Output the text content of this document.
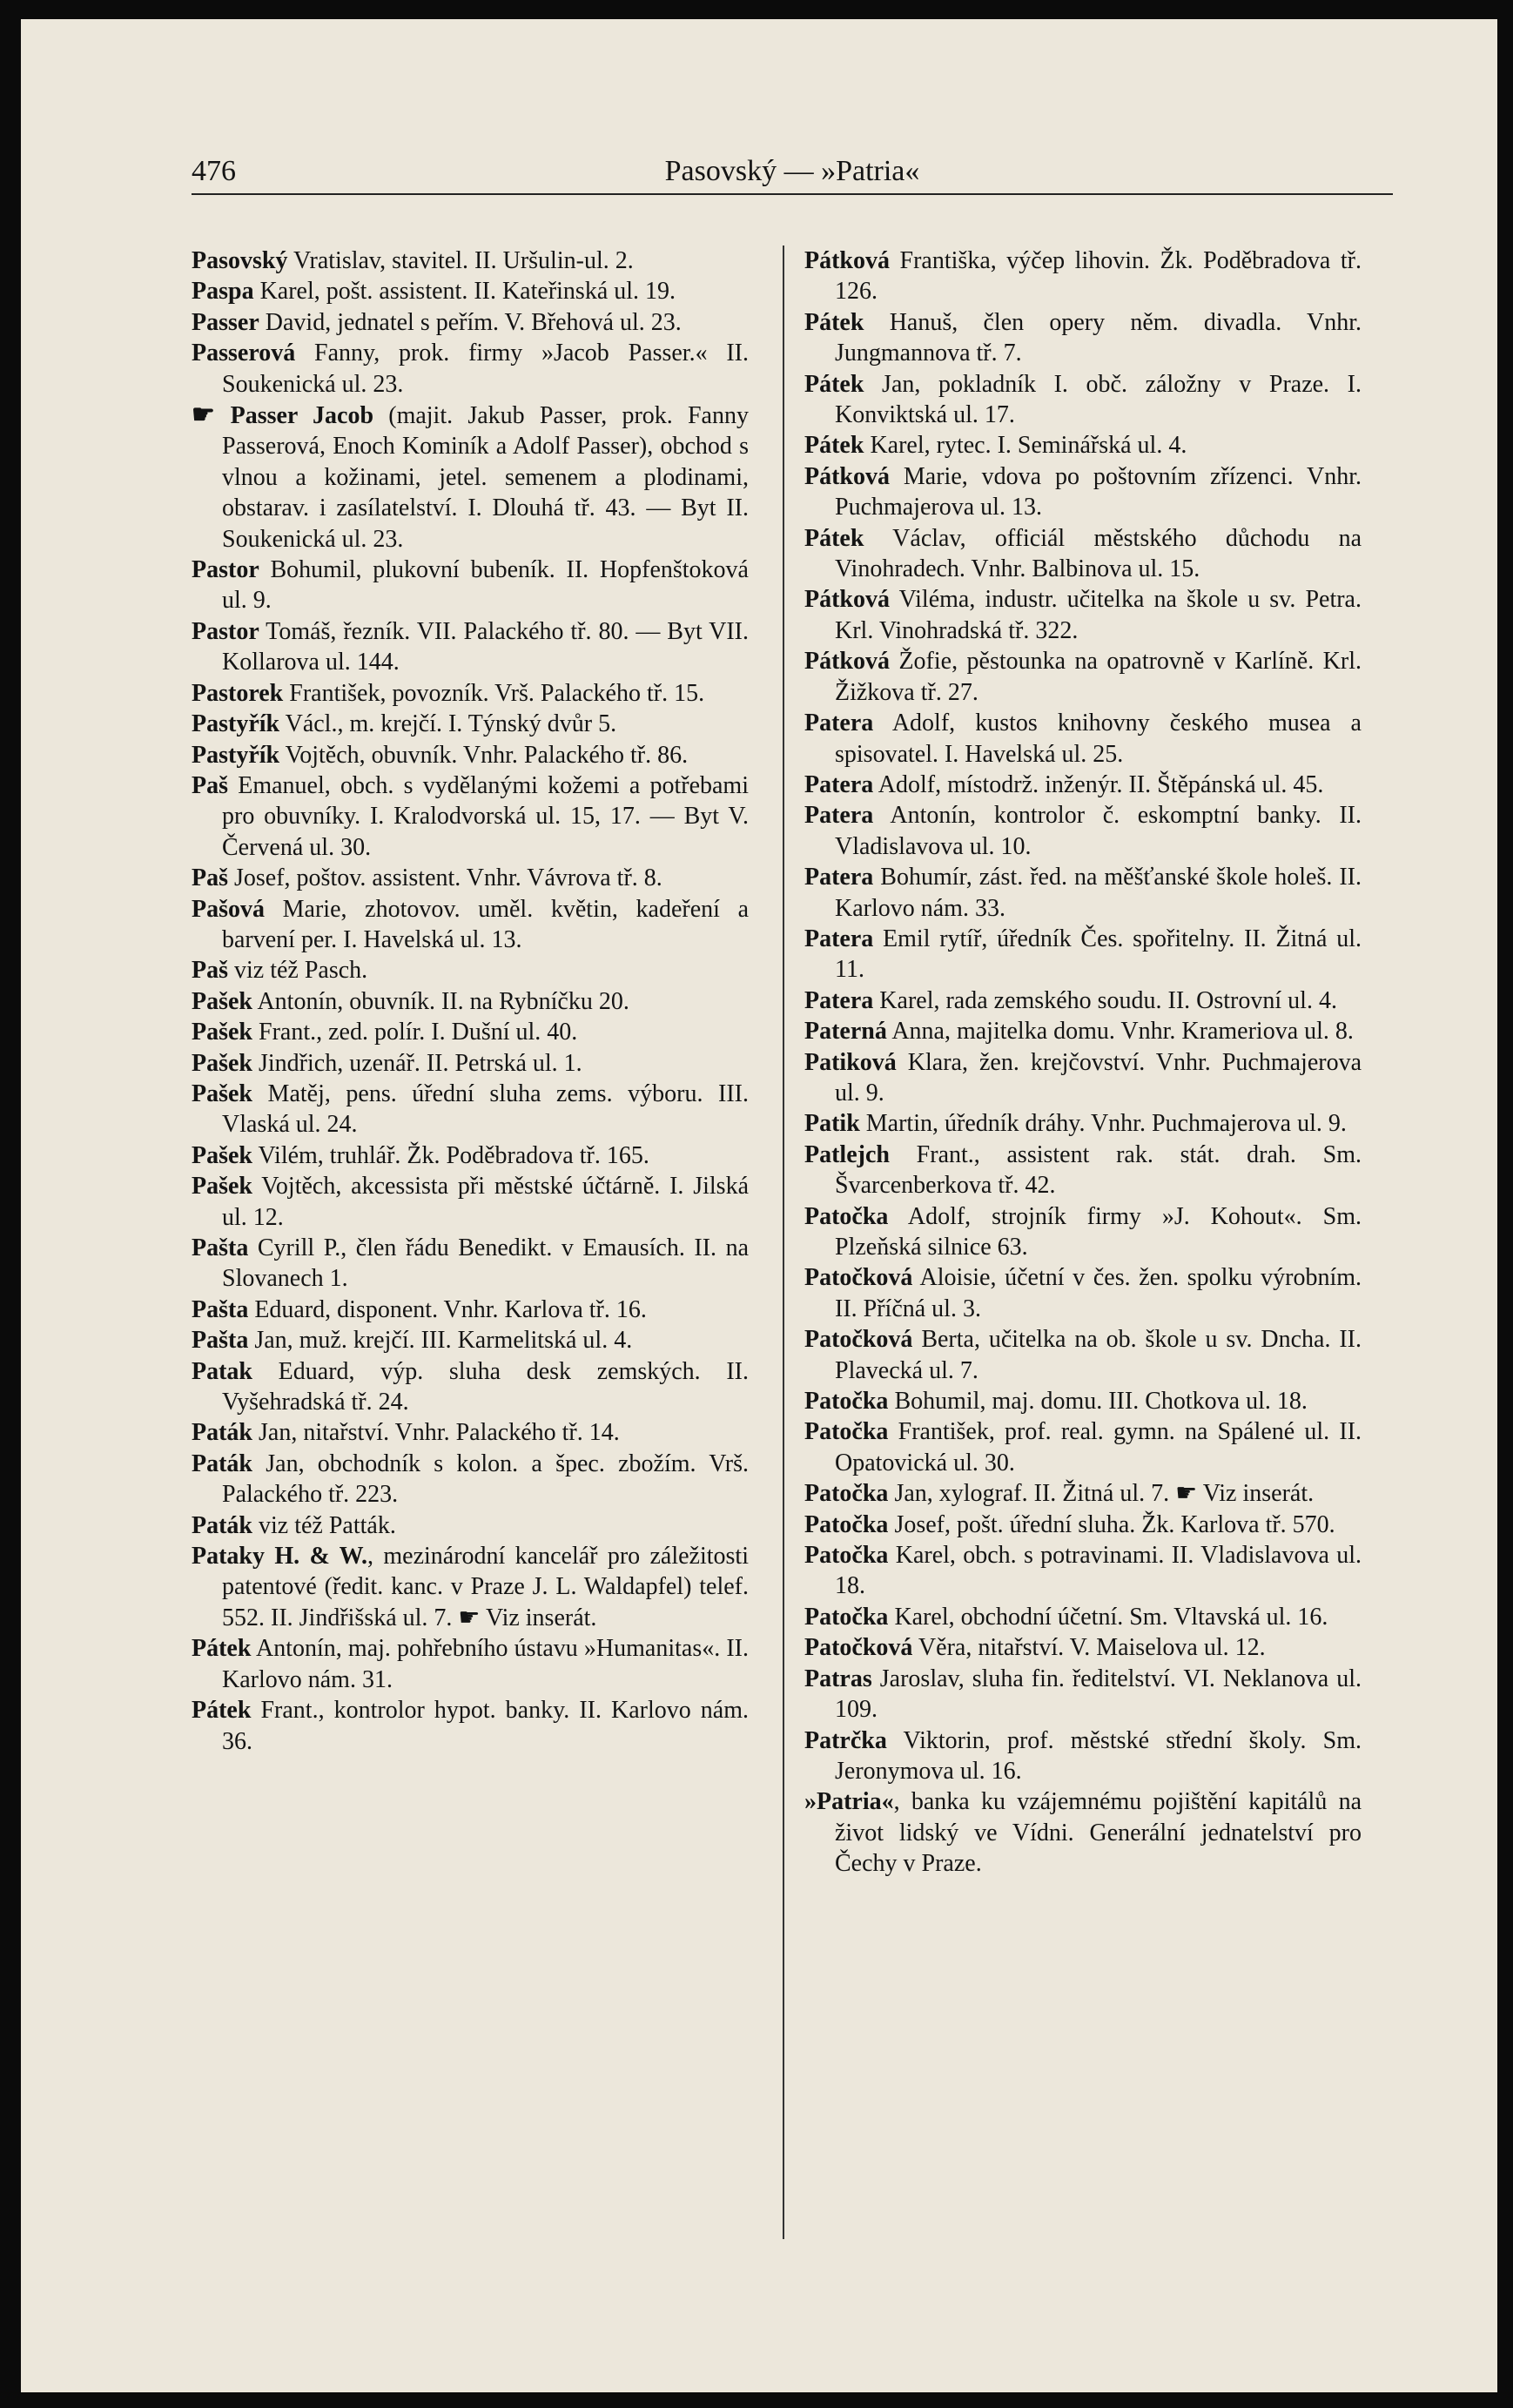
476	Pasovský — »Patria«
Pasovský Vratislav, stavitel. II. Uršulin-ul. 2.
Paspa Karel, pošt. assistent. II. Kateřinská ul. 19.
Passer David, jednatel s peřím. V. Břehová ul. 23.
Passerová Fanny, prok. firmy »Jacob Passer.« II. Soukenická ul. 23.
☛ Passer Jacob (majit. Jakub Passer, prok. Fanny Passerová, Enoch Kominík a Adolf Passer), obchod s vlnou a kožinami, jetel. semenem a plodinami, obstarav. i zasílatelství. I. Dlouhá tř. 43. — Byt II. Soukenická ul. 23.
Pastor Bohumil, plukovní bubeník. II. Hopfenštoková ul. 9.
Pastor Tomáš, řezník. VII. Palackého tř. 80. — Byt VII. Kollarova ul. 144.
Pastorek František, povozník. Vrš. Palackého tř. 15.
Pastyřík Václ., m. krejčí. I. Týnský dvůr 5.
Pastyřík Vojtěch, obuvník. Vnhr. Palackého tř. 86.
Paš Emanuel, obch. s vydělanými kožemi a potřebami pro obuvníky. I. Kralodvorská ul. 15, 17. — Byt V. Červená ul. 30.
Paš Josef, poštov. assistent. Vnhr. Vávrova tř. 8.
Pašová Marie, zhotovov. uměl. květin, kadeření a barvení per. I. Havelská ul. 13.
Paš viz též Pasch.
Pašek Antonín, obuvník. II. na Rybníčku 20.
Pašek Frant., zed. polír. I. Dušní ul. 40.
Pašek Jindřich, uzenář. II. Petrská ul. 1.
Pašek Matěj, pens. úřední sluha zems. výboru. III. Vlaská ul. 24.
Pašek Vilém, truhlář. Žk. Poděbradova tř. 165.
Pašek Vojtěch, akcessista při městské účtárně. I. Jilská ul. 12.
Pašta Cyrill P., člen řádu Benedikt. v Emausích. II. na Slovanech 1.
Pašta Eduard, disponent. Vnhr. Karlova tř. 16.
Pašta Jan, muž. krejčí. III. Karmelitská ul. 4.
Patak Eduard, výp. sluha desk zemských. II. Vyšehradská tř. 24.
Paták Jan, nitařství. Vnhr. Palackého tř. 14.
Paták Jan, obchodník s kolon. a špec. zbožím. Vrš. Palackého tř. 223.
Paták viz též Patták.
Pataky H. & W., mezinárodní kancelář pro záležitosti patentové (ředit. kanc. v Praze J. L. Waldapfel) telef. 552. II. Jindřišská ul. 7. ☛ Viz inserát.
Pátek Antonín, maj. pohřebního ústavu »Humanitas«. II. Karlovo nám. 31.
Pátek Frant., kontrolor hypot. banky. II. Karlovo nám. 36.
Pátková Františka, výčep lihovin. Žk. Poděbradova tř. 126.
Pátek Hanuš, člen opery něm. divadla. Vnhr. Jungmannova tř. 7.
Pátek Jan, pokladník I. obč. záložny v Praze. I. Konviktská ul. 17.
Pátek Karel, rytec. I. Seminářská ul. 4.
Pátková Marie, vdova po poštovním zřízenci. Vnhr. Puchmajerova ul. 13.
Pátek Václav, officiál městského důchodu na Vinohradech. Vnhr. Balbinova ul. 15.
Pátková Viléma, industr. učitelka na škole u sv. Petra. Krl. Vinohradská tř. 322.
Pátková Žofie, pěstounka na opatrovně v Karlíně. Krl. Žižkova tř. 27.
Patera Adolf, kustos knihovny českého musea a spisovatel. I. Havelská ul. 25.
Patera Adolf, místodrž. inženýr. II. Štěpánská ul. 45.
Patera Antonín, kontrolor č. eskomptní banky. II. Vladislavova ul. 10.
Patera Bohumír, zást. řed. na měšťanské škole holeš. II. Karlovo nám. 33.
Patera Emil rytíř, úředník Čes. spořitelny. II. Žitná ul. 11.
Patera Karel, rada zemského soudu. II. Ostrovní ul. 4.
Paterná Anna, majitelka domu. Vnhr. Krameriova ul. 8.
Patiková Klara, žen. krejčovství. Vnhr. Puchmajerova ul. 9.
Patik Martin, úředník dráhy. Vnhr. Puchmajerova ul. 9.
Patlejch Frant., assistent rak. stát. drah. Sm. Švarcenberkova tř. 42.
Patočka Adolf, strojník firmy »J. Kohout«. Sm. Plzeňská silnice 63.
Patočková Aloisie, účetní v čes. žen. spolku výrobním. II. Příčná ul. 3.
Patočková Berta, učitelka na ob. škole u sv. Dncha. II. Plavecká ul. 7.
Patočka Bohumil, maj. domu. III. Chotkova ul. 18.
Patočka František, prof. real. gymn. na Spálené ul. II. Opatovická ul. 30.
Patočka Jan, xylograf. II. Žitná ul. 7. ☛ Viz inserát.
Patočka Josef, pošt. úřední sluha. Žk. Karlova tř. 570.
Patočka Karel, obch. s potravinami. II. Vladislavova ul. 18.
Patočka Karel, obchodní účetní. Sm. Vltavská ul. 16.
Patočková Věra, nitařství. V. Maiselova ul. 12.
Patras Jaroslav, sluha fin. ředitelství. VI. Neklanova ul. 109.
Patrčka Viktorin, prof. městské střední školy. Sm. Jeronymova ul. 16.
»Patria«, banka ku vzájemnému pojištění kapitálů na život lidský ve Vídni. Generální jednatelství pro Čechy v Praze.
